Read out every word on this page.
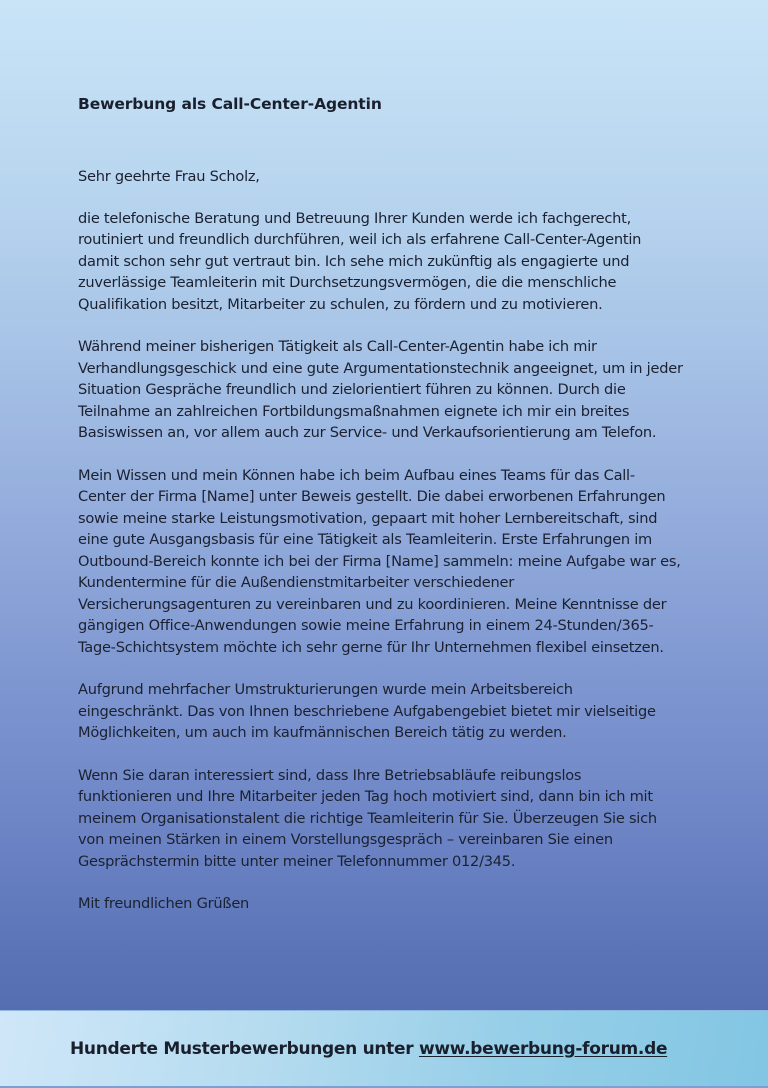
Bewerbung als Call-Center-Agentin

Sehr geehrte Frau Scholz,

die telefonische Beratung und Betreuung Ihrer Kunden werde ich fachgerecht,
routiniert und freundlich durchführen, weil ich als erfahrene Call-Center-Agentin
damit schon sehr gut vertraut bin. Ich sehe mich zukünftig als engagierte und
zuverlässige Teamleiterin mit Durchsetzungsvermögen, die die menschliche
Qualifikation besitzt, Mitarbeiter zu schulen, zu fördern und zu motivieren.

Während meiner bisherigen Tätigkeit als Call-Center-Agentin habe ich mir
Verhandlungsgeschick und eine gute Argumentationstechnik angeeignet, um in jeder
Situation Gespräche freundlich und zielorientiert führen zu können. Durch die
Teilnahme an zahlreichen Fortbildungsmaßnahmen eignete ich mir ein breites
Basiswissen an, vor allem auch zur Service- und Verkaufsorientierung am Telefon.

Mein Wissen und mein Können habe ich beim Aufbau eines Teams für das Call-
Center der Firma [Name] unter Beweis gestellt. Die dabei erworbenen Erfahrungen
sowie meine starke Leistungsmotivation, gepaart mit hoher Lernbereitschaft, sind
eine gute Ausgangsbasis für eine Tätigkeit als Teamleiterin. Erste Erfahrungen im
Outbound-Bereich konnte ich bei der Firma [Name] sammeln: meine Aufgabe war es,
Kundentermine für die Außendienstmitarbeiter verschiedener
Versicherungsagenturen zu vereinbaren und zu koordinieren. Meine Kenntnisse der
gängigen Office-Anwendungen sowie meine Erfahrung in einem 24-Stunden/365-
Tage-Schichtsystem möchte ich sehr gerne für Ihr Unternehmen flexibel einsetzen.

Aufgrund mehrfacher Umstrukturierungen wurde mein Arbeitsbereich
eingeschränkt. Das von Ihnen beschriebene Aufgabengebiet bietet mir vielseitige
Möglichkeiten, um auch im kaufmännischen Bereich tätig zu werden.

Wenn Sie daran interessiert sind, dass Ihre Betriebsabläufe reibungslos
funktionieren und Ihre Mitarbeiter jeden Tag hoch motiviert sind, dann bin ich mit
meinem Organisationstalent die richtige Teamleiterin für Sie. Überzeugen Sie sich
von meinen Stärken in einem Vorstellungsgespräch – vereinbaren Sie einen
Gesprächstermin bitte unter meiner Telefonnummer 012/345.

Mit freundlichen Grüßen

Hunderte Musterbewerbungen unter www.bewerbung-forum.de
